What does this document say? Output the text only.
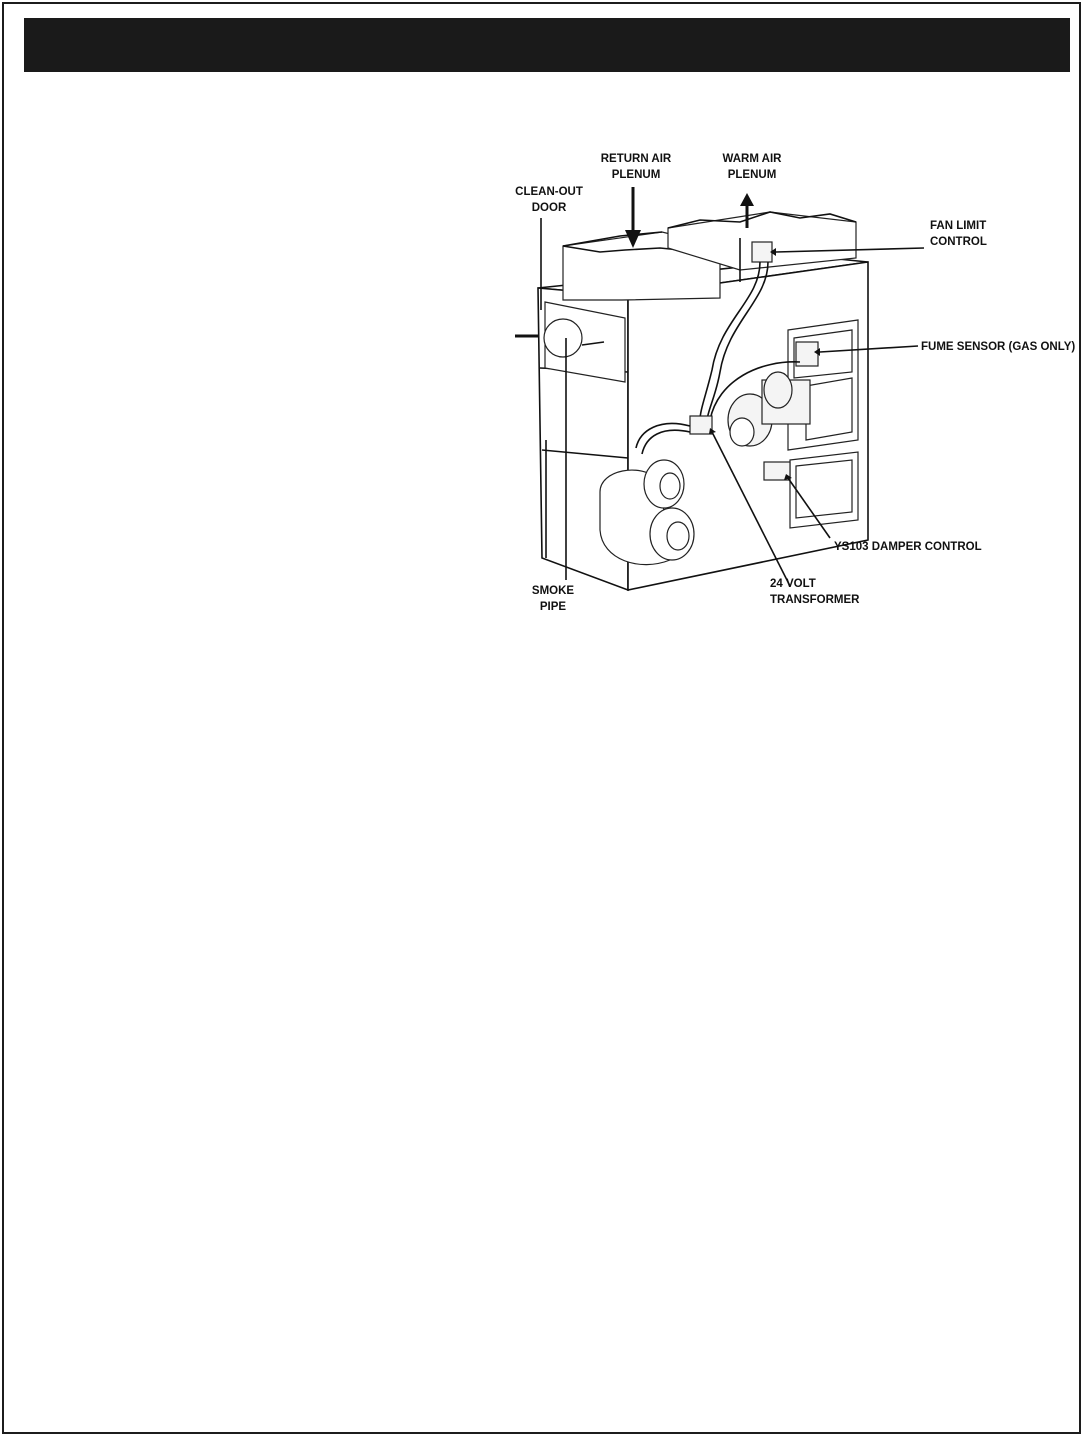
RETURN AIR
PLENUM
WARM AIR
PLENUM
CLEAN-OUT
DOOR
FAN LIMIT
CONTROL
FUME SENSOR (GAS ONLY)
YS103 DAMPER CONTROL
24 VOLT
TRANSFORMER
SMOKE
PIPE
